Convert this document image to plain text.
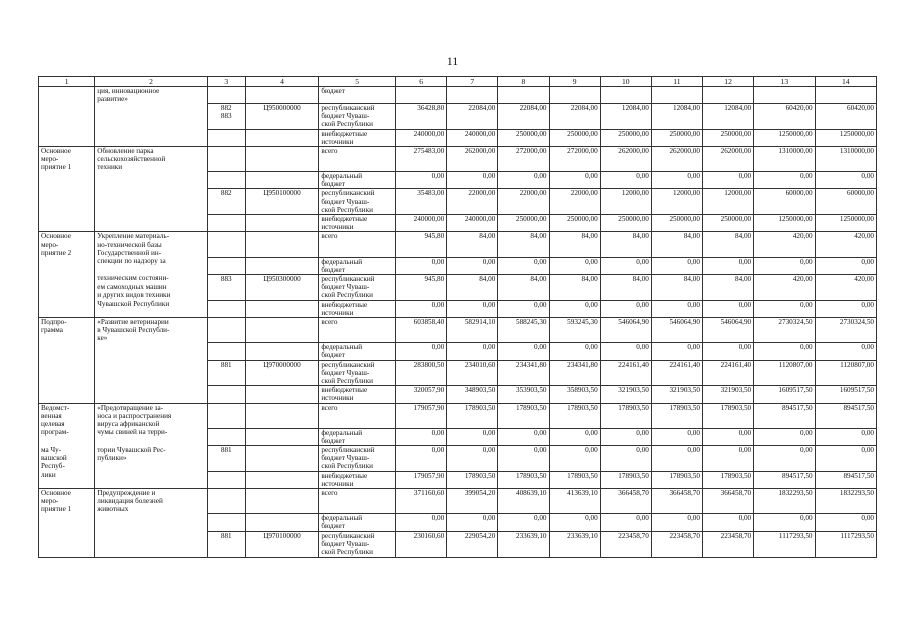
11
1	2	3	4	5	6	7	8	9	10	11	12	13	14

	ция, инновационное
развитие»			бюджет									

		882
883	Ц950000000	республиканский
бюджет Чуваш-
ской Республики	36428,80	22084,00	22084,00	22084,00	12084,00	12084,00	12084,00	60420,00	60420,00

				внебюджетные
источники	240000,00	240000,00	250000,00	250000,00	250000,00	250000,00	250000,00	1250000,00	1250000,00

Основное
меро-
приятие 1	Обновление парка
сельскохозяйственной
техники			всего	275483,00	262000,00	272000,00	272000,00	262000,00	262000,00	262000,00	1310000,00	1310000,00

				федеральный
бюджет	0,00	0,00	0,00	0,00	0,00	0,00	0,00	0,00	0,00

		882	Ц950100000	республиканский
бюджет Чуваш-
ской Республики	35483,00	22000,00	22000,00	22000,00	12000,00	12000,00	12000,00	60000,00	60000,00

				внебюджетные
источники	240000,00	240000,00	250000,00	250000,00	250000,00	250000,00	250000,00	1250000,00	1250000,00

Основное
меро-
приятие 2	Укрепление материаль-
но-технической базы
Государственной ин-			всего	945,80	84,00	84,00	84,00	84,00	84,00	84,00	420,00	420,00

	спекции по надзору за			федеральный
бюджет	0,00	0,00	0,00	0,00	0,00	0,00	0,00	0,00	0,00

	техническим состояни-
ем самоходных машин
и других видов техники	883	Ц950300000	республиканский
бюджет Чуваш-
ской Республики	945,80	84,00	84,00	84,00	84,00	84,00	84,00	420,00	420,00

	Чувашской Республики			внебюджетные
источники	0,00	0,00	0,00	0,00	0,00	0,00	0,00	0,00	0,00

Подпро-
грамма	«Развитие ветеринарии
в Чувашской Республи-
ке»			всего	603858,40	582914,10	588245,30	593245,30	546064,90	546064,90	546064,90	2730324,50	2730324,50

				федеральный
бюджет	0,00	0,00	0,00	0,00	0,00	0,00	0,00	0,00	0,00

		881	Ц970000000	республиканский
бюджет Чуваш-
ской Республики	283800,50	234010,60	234341,80	234341,80	224161,40	224161,40	224161,40	1120807,00	1120807,00

				внебюджетные
источники	320057,90	348903,50	353903,50	358903,50	321903,50	321903,50	321903,50	1609517,50	1609517,50

Ведомст-
венная
целевая	«Предотвращение за-
носа и распространения
вируса африканской			всего	179057,90	178903,50	178903,50	178903,50	178903,50	178903,50	178903,50	894517,50	894517,50

програм-	чумы свиней на терри-			федеральный
бюджет	0,00	0,00	0,00	0,00	0,00	0,00	0,00	0,00	0,00

ма Чу-
вашской
Респуб-	тории Чувашской Рес-
публики»	881		республиканский
бюджет Чуваш-
ской Республики	0,00	0,00	0,00	0,00	0,00	0,00	0,00	0,00	0,00

лики				внебюджетные
источники	179057,90	178903,50	178903,50	178903,50	178903,50	178903,50	178903,50	894517,50	894517,50

Основное
меро-
приятие 1	Предупреждение и
ликвидация болезней
животных			всего	371160,60	399054,20	408639,10	413639,10	366458,70	366458,70	366458,70	1832293,50	1832293,50

				федеральный
бюджет	0,00	0,00	0,00	0,00	0,00	0,00	0,00	0,00	0,00

		881	Ц970100000	республиканский
бюджет Чуваш-
ской Республики	230160,60	229054,20	233639,10	233639,10	223458,70	223458,70	223458,70	1117293,50	1117293,50
